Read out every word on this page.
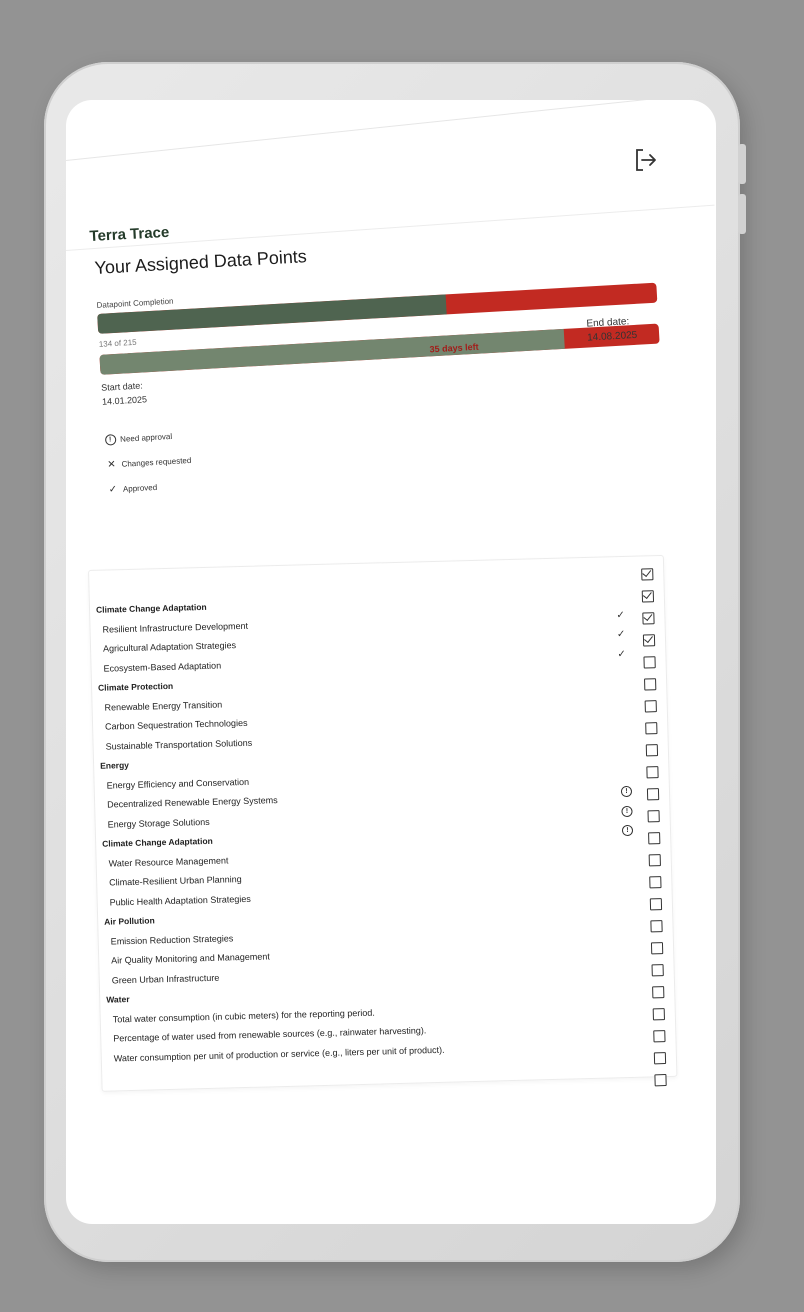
Terra Trace
Your Assigned Data Points
Datapoint Completion
134 of 215
Start date:
14.01.2025
35 days left
End date:
14.08.2025
!	Need approval
✕ Changes requested
✓ Approved
Climate Change Adaptation
Resilient Infrastructure Development
✓
Agricultural Adaptation Strategies
✓
Ecosystem-Based Adaptation
✓
Climate Protection
Renewable Energy Transition
Carbon Sequestration Technologies
Sustainable Transportation Solutions
Energy
Energy Efficiency and Conservation
Decentralized Renewable Energy Systems
!
Energy Storage Solutions
!
Climate Change Adaptation
!
Water Resource Management
Climate-Resilient Urban Planning
Public Health Adaptation Strategies
Air Pollution
Emission Reduction Strategies
Air Quality Monitoring and Management
Green Urban Infrastructure
Water
Total water consumption (in cubic meters) for the reporting period.
Percentage of water used from renewable sources (e.g., rainwater harvesting).
Water consumption per unit of production or service (e.g., liters per unit of product).
